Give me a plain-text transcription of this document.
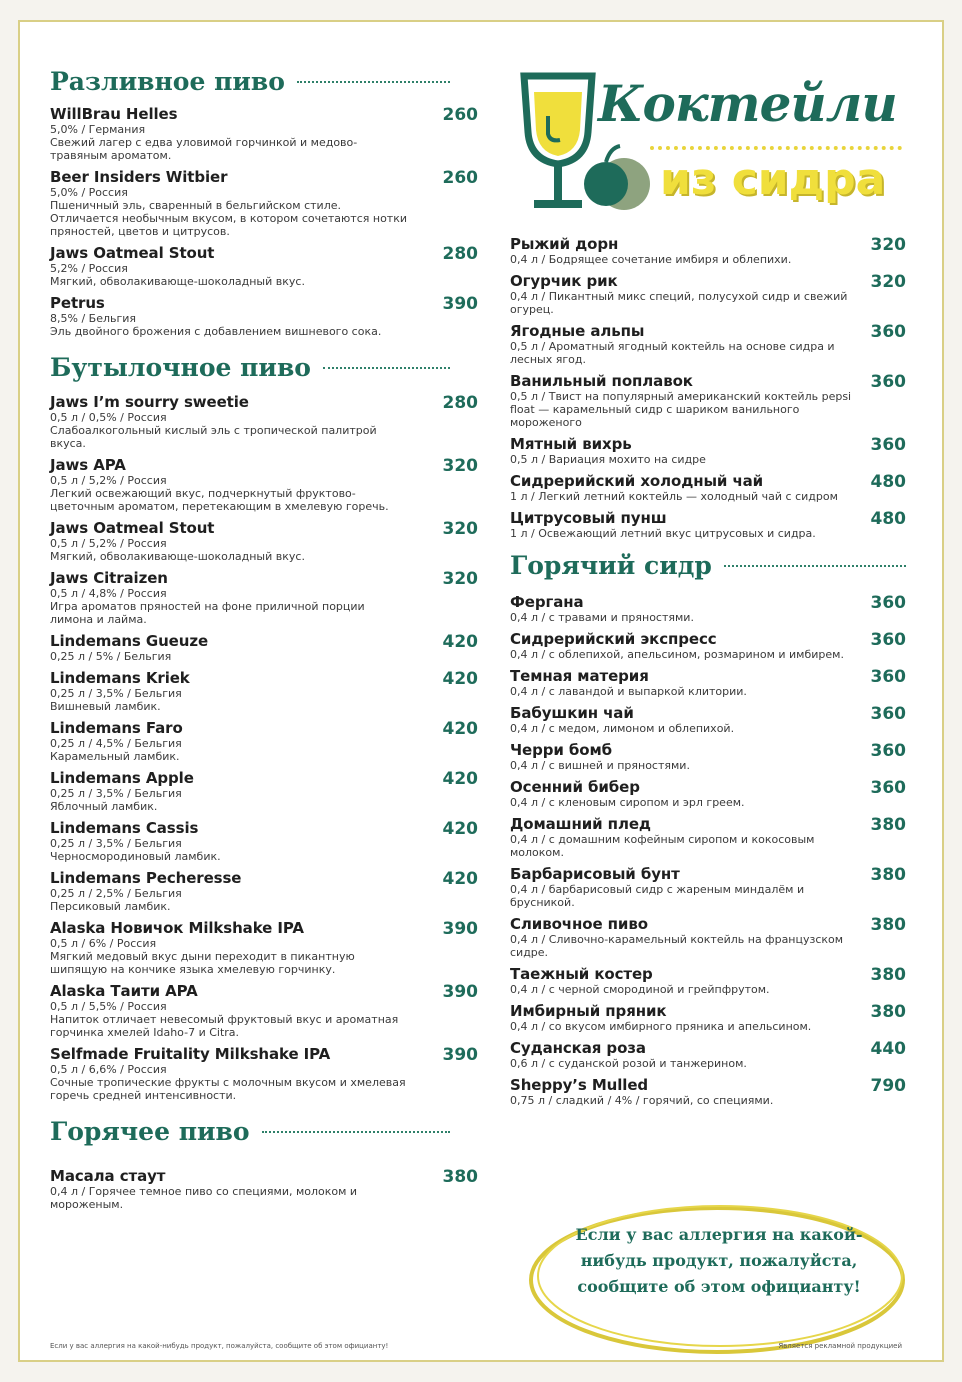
Разливное пиво
WillBrau Helles	260
5,0% / Германия
Свежий лагер с едва уловимой горчинкой и медово-травяным ароматом.
Beer Insiders Witbier	260
5,0% / Россия
Пшеничный эль, сваренный в бельгийском стиле. Отличается необычным вкусом, в котором сочетаются нотки пряностей, цветов и цитрусов.
Jaws Oatmeal Stout	280
5,2% / Россия
Мягкий, обволакивающе-шоколадный вкус.
Petrus	390
8,5% / Бельгия
Эль двойного брожения с добавлением вишневого сока.
Бутылочное пиво
Jaws I’m sourry sweetie	280
0,5 л / 0,5% / Россия
Слабоалкогольный кислый эль с тропической палитрой вкуса.
Jaws APA	320
0,5 л / 5,2% / Россия
Легкий освежающий вкус, подчеркнутый фруктово-цветочным ароматом, перетекающим в хмелевую горечь.
Jaws Oatmeal Stout	320
0,5 л / 5,2% / Россия
Мягкий, обволакивающе-шоколадный вкус.
Jaws Citraizen	320
0,5 л / 4,8% / Россия
Игра ароматов пряностей на фоне приличной порции лимона и лайма.
Lindemans Gueuze	420
0,25 л / 5% / Бельгия
Lindemans Kriek	420
0,25 л / 3,5% / Бельгия
Вишневый ламбик.
Lindemans Faro	420
0,25 л / 4,5% / Бельгия
Карамельный ламбик.
Lindemans Apple	420
0,25 л / 3,5% / Бельгия
Яблочный ламбик.
Lindemans Cassis	420
0,25 л / 3,5% / Бельгия
Черносмородиновый ламбик.
Lindemans Pecheresse	420
0,25 л / 2,5% / Бельгия
Персиковый ламбик.
Alaska Новичок Milkshake IPA	390
0,5 л / 6% / Россия
Мягкий медовый вкус дыни переходит в пикантную шипящую на кончике языка хмелевую горчинку.
Alaska Таити APA	390
0,5 л / 5,5% / Россия
Напиток отличает невесомый фруктовый вкус и ароматная горчинка хмелей Idaho-7 и Citra.
Selfmade Fruitality Milkshake IPA	390
0,5 л / 6,6% / Россия
Сочные тропические фрукты с молочным вкусом и хмелевая горечь средней интенсивности.
Горячее пиво
Масала стаут	380
0,4 л / Горячее темное пиво со специями, молоком и мороженым.
Коктейли
из сидра
Рыжий дорн	320
0,4 л / Бодрящее сочетание имбиря и облепихи.
Огурчик рик	320
0,4 л / Пикантный микс специй, полусухой сидр и свежий огурец.
Ягодные альпы	360
0,5 л / Ароматный ягодный коктейль на основе сидра и лесных ягод.
Ванильный поплавок	360
0,5 л / Твист на популярный американский коктейль pepsi float — карамельный сидр с шариком ванильного мороженого
Мятный вихрь	360
0,5 л / Вариация мохито на сидре
Сидрерийский холодный чай	480
1 л / Легкий летний коктейль — холодный чай с сидром
Цитрусовый пунш	480
1 л / Освежающий летний вкус цитрусовых и сидра.
Горячий сидр
Фергана	360
0,4 л / с травами и пряностями.
Сидрерийский экспресс	360
0,4 л / с облепихой, апельсином, розмарином и имбирем.
Темная материя	360
0,4 л / с лавандой и выпаркой клитории.
Бабушкин чай	360
0,4 л / с медом, лимоном и облепихой.
Черри бомб	360
0,4 л / с вишней и пряностями.
Осенний бибер	360
0,4 л / с кленовым сиропом и эрл греем.
Домашний плед	380
0,4 л / с домашним кофейным сиропом и кокосовым молоком.
Барбарисовый бунт	380
0,4 л / барбарисовый сидр с жареным миндалём и брусникой.
Сливочное пиво	380
0,4 л / Сливочно-карамельный коктейль на французском сидре.
Таежный костер	380
0,4 л / с черной смородиной и грейпфрутом.
Имбирный пряник	380
0,4 л / со вкусом имбирного пряника и апельсином.
Суданская роза	440
0,6 л / с суданской розой и танжерином.
Sheppy’s Mulled	790
0,75 л / сладкий / 4% / горячий, со специями.
Если у вас аллергия на какой-нибудь продукт, пожалуйста, сообщите об этом официанту!
Если у вас аллергия на какой-нибудь продукт, пожалуйста, сообщите об этом официанту!	Является рекламной продукцией
